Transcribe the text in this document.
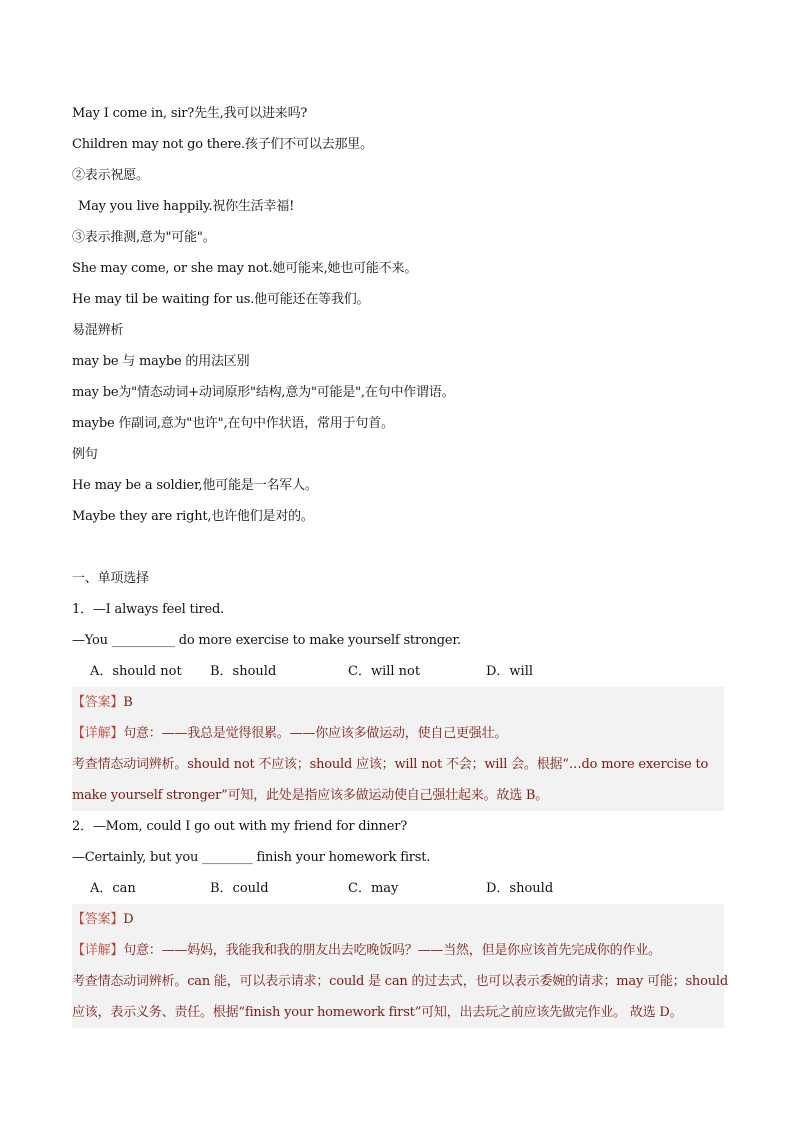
May I come in, sir?先生,我可以进来吗?
Children may not go there.孩子们不可以去那里。
②表示祝愿。
May you live happily.祝你生活幸福!
③表示推测,意为"可能"。
She may come, or she may not.她可能来,她也可能不来。
He may til be waiting for us.他可能还在等我们。
易混辨析
may be 与 maybe 的用法区别
may be为"情态动词+动词原形"结构,意为"可能是",在句中作谓语。
maybe 作副词,意为"也许",在句中作状语，常用于句首。
例句
He may be a soldier,他可能是一名军人。
Maybe they are right,也许他们是对的。
一、单项选择
1．—I always feel tired.
—You __________ do more exercise to make yourself stronger.
A．should not B．should	C．will not	D．will
【答案】B
【详解】句意：——我总是觉得很累。——你应该多做运动，使自己更强壮。
考查情态动词辨析。should not 不应该；should 应该；will not 不会；will 会。根据“…do more exercise to
make yourself stronger”可知，此处是指应该多做运动使自己强壮起来。故选 B。
2．—Mom, could I go out with my friend for dinner?
—Certainly, but you ________ finish your homework first.
A．can	B．could	C．may	D．should
【答案】D
【详解】句意：——妈妈，我能我和我的朋友出去吃晚饭吗？——当然，但是你应该首先完成你的作业。
考查情态动词辨析。can 能，可以表示请求；could 是 can 的过去式，也可以表示委婉的请求；may 可能；should
应该，表示义务、责任。根据“finish your homework first”可知，出去玩之前应该先做完作业。 故选 D。
